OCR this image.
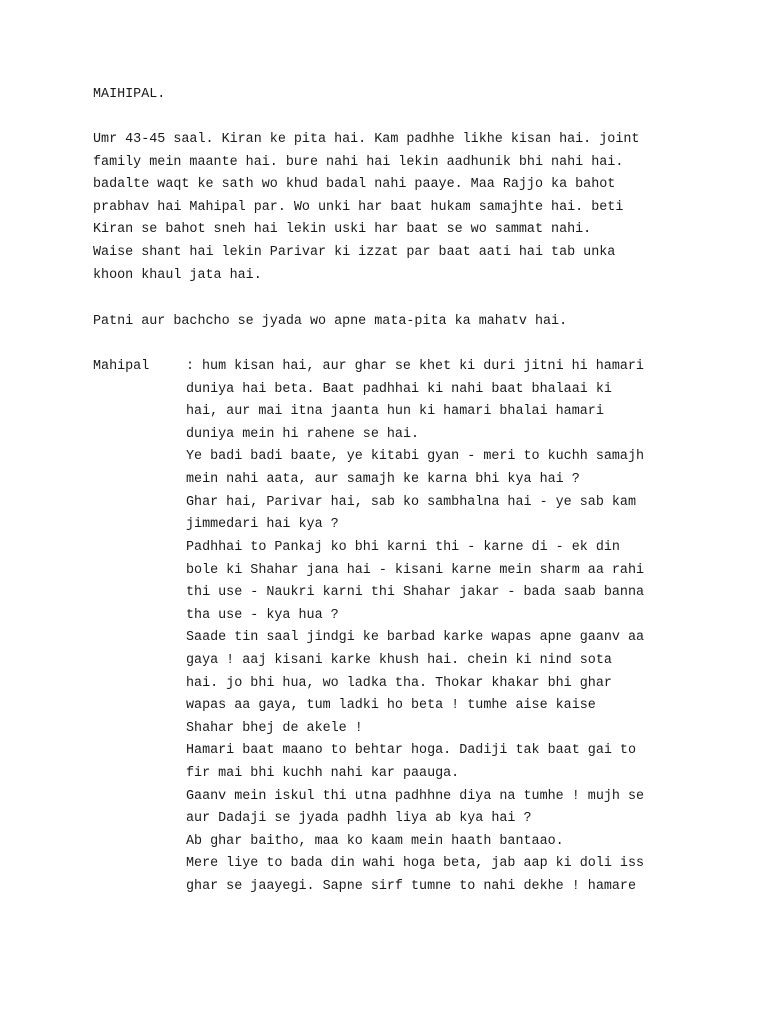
MAIHIPAL.
Umr 43-45 saal. Kiran ke pita hai. Kam padhhe likhe kisan hai. joint
family mein maante hai. bure nahi hai lekin aadhunik bhi nahi hai.
badalte waqt ke sath wo khud badal nahi paaye. Maa Rajjo ka bahot
prabhav hai Mahipal par. Wo unki har baat hukam samajhte hai. beti
Kiran se bahot sneh hai lekin uski har baat se wo sammat nahi.
Waise shant hai lekin Parivar ki izzat par baat aati hai tab unka
khoon khaul jata hai.
Patni aur bachcho se jyada wo apne mata-pita ka mahatv hai.
Mahipal	: hum kisan hai, aur ghar se khet ki duri jitni hi hamari
duniya hai beta. Baat padhhai ki nahi baat bhalaai ki
hai, aur mai itna jaanta hun ki hamari bhalai hamari
duniya mein hi rahene se hai.
Ye badi badi baate, ye kitabi gyan - meri to kuchh samajh
mein nahi aata, aur samajh ke karna bhi kya hai ?
Ghar hai, Parivar hai, sab ko sambhalna hai - ye sab kam
jimmedari hai kya ?
Padhhai to Pankaj ko bhi karni thi - karne di - ek din
bole ki Shahar jana hai - kisani karne mein sharm aa rahi
thi use - Naukri karni thi Shahar jakar - bada saab banna
tha use - kya hua ?
Saade tin saal jindgi ke barbad karke wapas apne gaanv aa
gaya ! aaj kisani karke khush hai. chein ki nind sota
hai. jo bhi hua, wo ladka tha. Thokar khakar bhi ghar
wapas aa gaya, tum ladki ho beta ! tumhe aise kaise
Shahar bhej de akele !
Hamari baat maano to behtar hoga. Dadiji tak baat gai to
fir mai bhi kuchh nahi kar paauga.
Gaanv mein iskul thi utna padhhne diya na tumhe ! mujh se
aur Dadaji se jyada padhh liya ab kya hai ?
Ab ghar baitho, maa ko kaam mein haath bantaao.
Mere liye to bada din wahi hoga beta, jab aap ki doli iss
ghar se jaayegi. Sapne sirf tumne to nahi dekhe ! hamare
